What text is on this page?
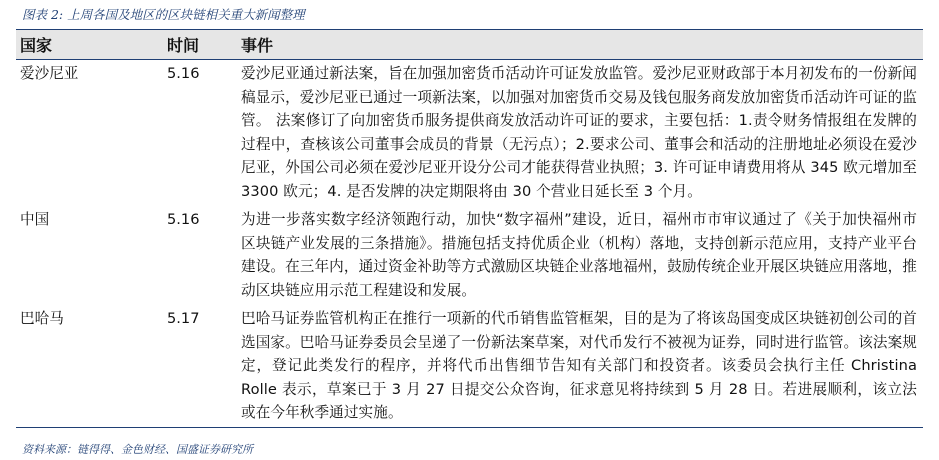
图表 2: 上周各国及地区的区块链相关重大新闻整理
国家	时间	事件
爱沙尼亚	5.16	爱沙尼亚通过新法案，旨在加强加密货币活动许可证发放监管。爱沙尼亚财政部于本月初发布的一份新闻稿显示，爱沙尼亚已通过一项新法案，以加强对加密货币交易及钱包服务商发放加密货币活动许可证的监管。 法案修订了向加密货币服务提供商发放活动许可证的要求，主要包括：1.责令财务情报组在发牌的过程中，查核该公司董事会成员的背景（无污点）；2.要求公司、董事会和活动的注册地址必须设在爱沙尼亚，外国公司必须在爱沙尼亚开设分公司才能获得营业执照；3. 许可证申请费用将从 345 欧元增加至 3300 欧元；4. 是否发牌的决定期限将由 30 个营业日延长至 3 个月。
中国	5.16	为进一步落实数字经济领跑行动，加快“数字福州”建设，近日，福州市市审议通过了《关于加快福州市区块链产业发展的三条措施》。措施包括支持优质企业（机构）落地，支持创新示范应用，支持产业平台建设。在三年内，通过资金补助等方式激励区块链企业落地福州，鼓励传统企业开展区块链应用落地，推动区块链应用示范工程建设和发展。
巴哈马	5.17	巴哈马证券监管机构正在推行一项新的代币销售监管框架，目的是为了将该岛国变成区块链初创公司的首选国家。巴哈马证券委员会呈递了一份新法案草案，对代币发行不被视为证券，同时进行监管。该法案规定，登记此类发行的程序，并将代币出售细节告知有关部门和投资者。该委员会执行主任 Christina Rolle 表示，草案已于 3 月 27 日提交公众咨询，征求意见将持续到 5 月 28 日。若进展顺利，该立法或在今年秋季通过实施。
资料来源：链得得、金色财经、国盛证券研究所
